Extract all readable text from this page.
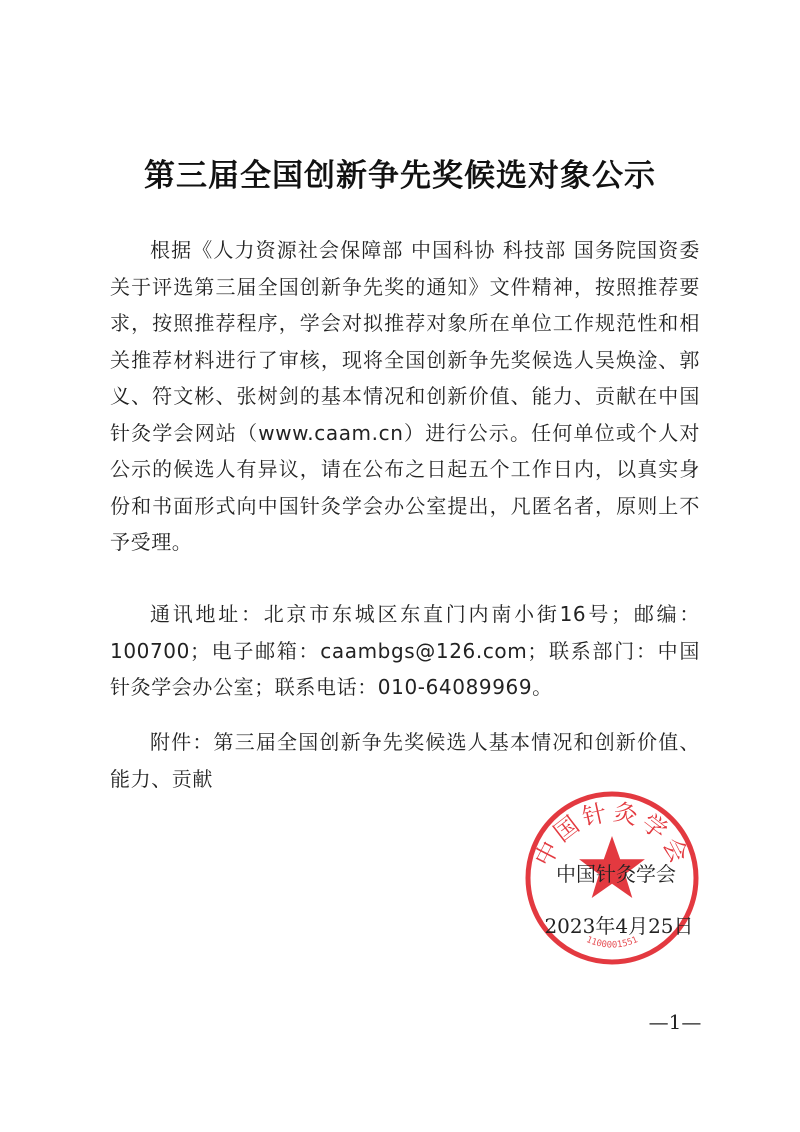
第三届全国创新争先奖候选对象公示

根据《人力资源社会保障部 中国科协 科技部 国务院国资委关于评选第三届全国创新争先奖的通知》文件精神，按照推荐要求，按照推荐程序，学会对拟推荐对象所在单位工作规范性和相关推荐材料进行了审核，现将全国创新争先奖候选人吴焕淦、郭义、符文彬、张树剑的基本情况和创新价值、能力、贡献在中国针灸学会网站（www.caam.cn）进行公示。任何单位或个人对公示的候选人有异议，请在公布之日起五个工作日内，以真实身份和书面形式向中国针灸学会办公室提出，凡匿名者，原则上不予受理。

通讯地址：北京市东城区东直门内南小街16号；邮编：100700；电子邮箱：caambgs@126.com；联系部门：中国针灸学会办公室；联系电话：010-64089969。

附件：第三届全国创新争先奖候选人基本情况和创新价值、能力、贡献

中国针灸学会
1100001551
中国针灸学会
2023年4月25日
—1—
